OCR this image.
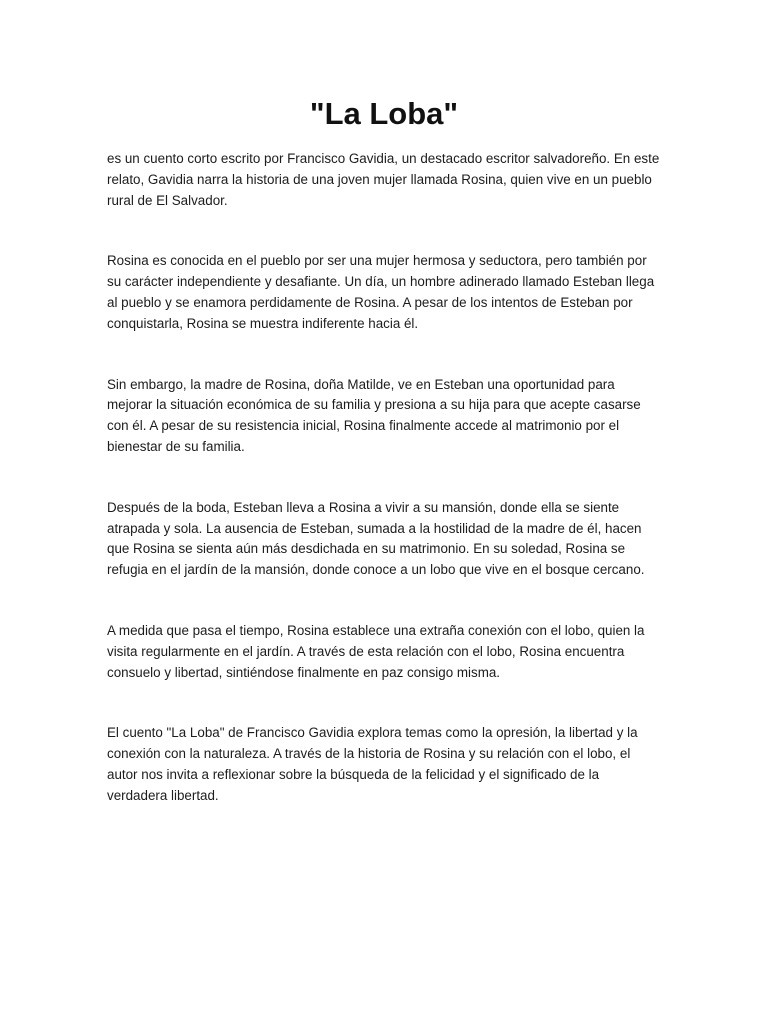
"La Loba"

es un cuento corto escrito por Francisco Gavidia, un destacado escritor salvadoreño. En este relato, Gavidia narra la historia de una joven mujer llamada Rosina, quien vive en un pueblo rural de El Salvador.

Rosina es conocida en el pueblo por ser una mujer hermosa y seductora, pero también por su carácter independiente y desafiante. Un día, un hombre adinerado llamado Esteban llega al pueblo y se enamora perdidamente de Rosina. A pesar de los intentos de Esteban por conquistarla, Rosina se muestra indiferente hacia él.

Sin embargo, la madre de Rosina, doña Matilde, ve en Esteban una oportunidad para mejorar la situación económica de su familia y presiona a su hija para que acepte casarse con él. A pesar de su resistencia inicial, Rosina finalmente accede al matrimonio por el bienestar de su familia.

Después de la boda, Esteban lleva a Rosina a vivir a su mansión, donde ella se siente atrapada y sola. La ausencia de Esteban, sumada a la hostilidad de la madre de él, hacen que Rosina se sienta aún más desdichada en su matrimonio. En su soledad, Rosina se refugia en el jardín de la mansión, donde conoce a un lobo que vive en el bosque cercano.

A medida que pasa el tiempo, Rosina establece una extraña conexión con el lobo, quien la visita regularmente en el jardín. A través de esta relación con el lobo, Rosina encuentra consuelo y libertad, sintiéndose finalmente en paz consigo misma.

El cuento "La Loba" de Francisco Gavidia explora temas como la opresión, la libertad y la conexión con la naturaleza. A través de la historia de Rosina y su relación con el lobo, el autor nos invita a reflexionar sobre la búsqueda de la felicidad y el significado de la verdadera libertad.
